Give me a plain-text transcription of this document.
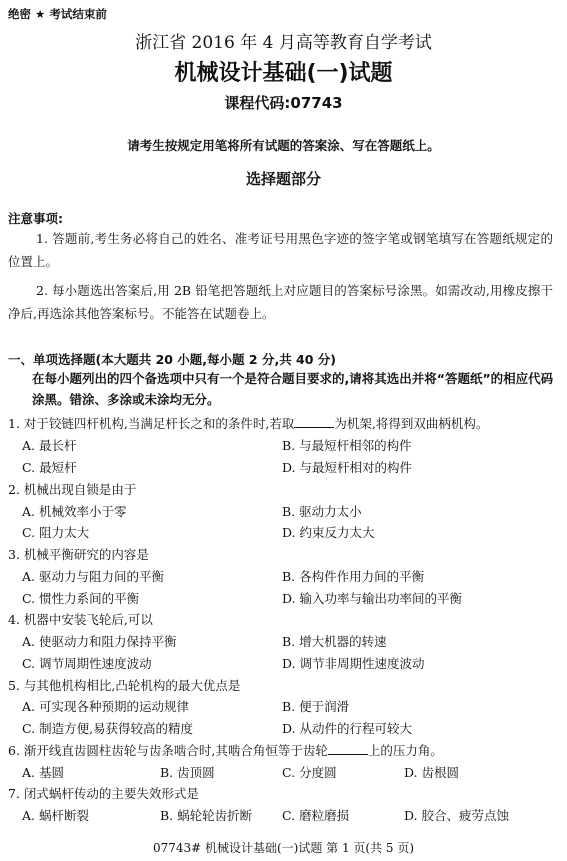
绝密 ★ 考试结束前
浙江省 2016 年 4 月高等教育自学考试
机械设计基础(一)试题
课程代码:07743
请考生按规定用笔将所有试题的答案涂、写在答题纸上。
选择题部分
注意事项:
1. 答题前,考生务必将自己的姓名、准考证号用黑色字迹的签字笔或钢笔填写在答题纸规定的位置上。
2. 每小题选出答案后,用 2B 铅笔把答题纸上对应题目的答案标号涂黑。如需改动,用橡皮擦干净后,再选涂其他答案标号。不能答在试题卷上。
一、单项选择题(本大题共 20 小题,每小题 2 分,共 40 分)
在每小题列出的四个备选项中只有一个是符合题目要求的,请将其选出并将“答题纸”的相应代码涂黑。错涂、多涂或未涂均无分。
1. 对于铰链四杆机构,当满足杆长之和的条件时,若取	为机架,将得到双曲柄机构。
A. 最长杆	B. 与最短杆相邻的构件
C. 最短杆	D. 与最短杆相对的构件
2. 机械出现自锁是由于
A. 机械效率小于零	B. 驱动力太小
C. 阻力太大	D. 约束反力太大
3. 机械平衡研究的内容是
A. 驱动力与阻力间的平衡	B. 各构件作用力间的平衡
C. 惯性力系间的平衡	D. 输入功率与输出功率间的平衡
4. 机器中安装飞轮后,可以
A. 使驱动力和阻力保持平衡	B. 增大机器的转速
C. 调节周期性速度波动	D. 调节非周期性速度波动
5. 与其他机构相比,凸轮机构的最大优点是
A. 可实现各种预期的运动规律	B. 便于润滑
C. 制造方便,易获得较高的精度	D. 从动件的行程可较大
6. 渐开线直齿圆柱齿轮与齿条啮合时,其啮合角恒等于齿轮	上的压力角。
A. 基圆	B. 齿顶圆	C. 分度圆	D. 齿根圆
7. 闭式蜗杆传动的主要失效形式是
A. 蜗杆断裂	B. 蜗轮轮齿折断 C. 磨粒磨损	D. 胶合、疲劳点蚀
07743# 机械设计基础(一)试题 第 1 页(共 5 页)
